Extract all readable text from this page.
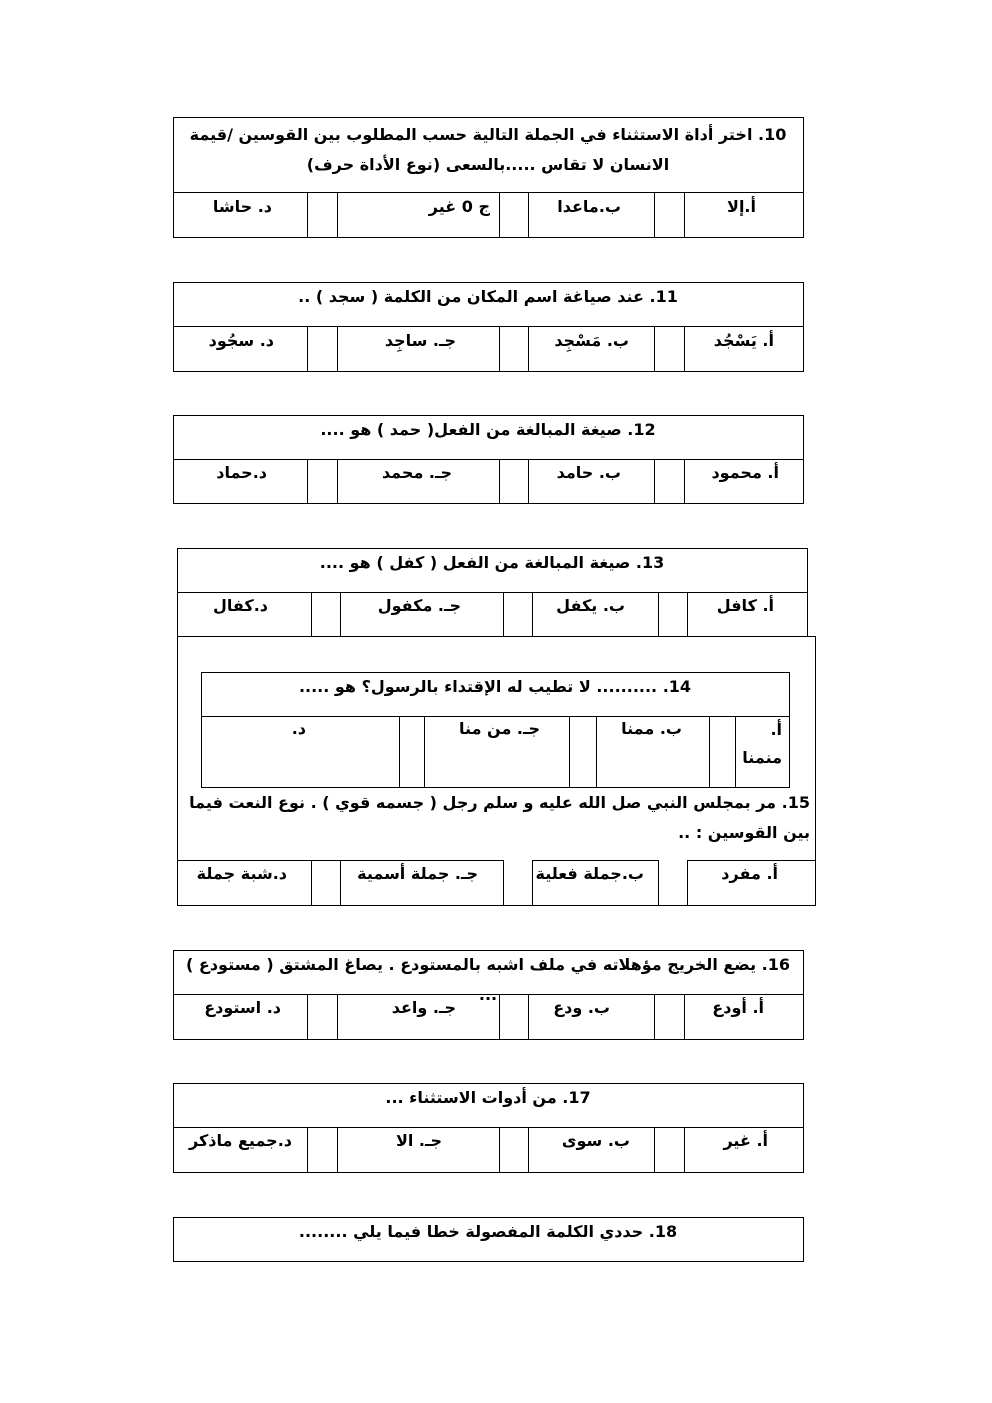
10. اختر أداة الاستثناء في الجملة التالية حسب المطلوب بين القوسين /قيمة الانسان لا تقاس .....بالسعى (نوع الأداة حرف)
أ.إلا
ب.ماعدا
ج 0 غير
د. حاشا
11. عند صياغة اسم المكان من الكلمة ( سجد ) ..
أ. يَسْجُد
ب. مَسْجِد
جـ. ساجِد
د. سجُود
12. صيغة المبالغة من الفعل( حمد ) هو ....
أ. محمود
ب. حامد
جـ. محمد
د.حماد
13. صيغة المبالغة من الفعل ( كفل ) هو ....
أ. كافل
ب. يكفل
جـ. مكفول
د.كفال
14. .......... لا تطيب له الإقتداء بالرسول؟ هو .....
أ. منمنا
ب. ممنا
جـ. من منا
د.
15. مر بمجلس النبي صل الله عليه و سلم رجل ( جسمه قوي ) . نوع النعت فيما بين القوسين : ..
أ. مفرد
ب.جملة فعلية
جـ. جملة أسمية
د.شبة جملة
16. يضع الخريج مؤهلاته في ملف اشبه بالمستودع . يصاغ المشتق ( مستودع ) ...
أ. أودع
ب. ودع
جـ. واعد
د. استودع
17. من أدوات الاستثناء ...
أ. غير
ب. سوى
جـ. الا
د.جميع ماذكر
18. حددي الكلمة المفصولة خطا فيما يلي ........
